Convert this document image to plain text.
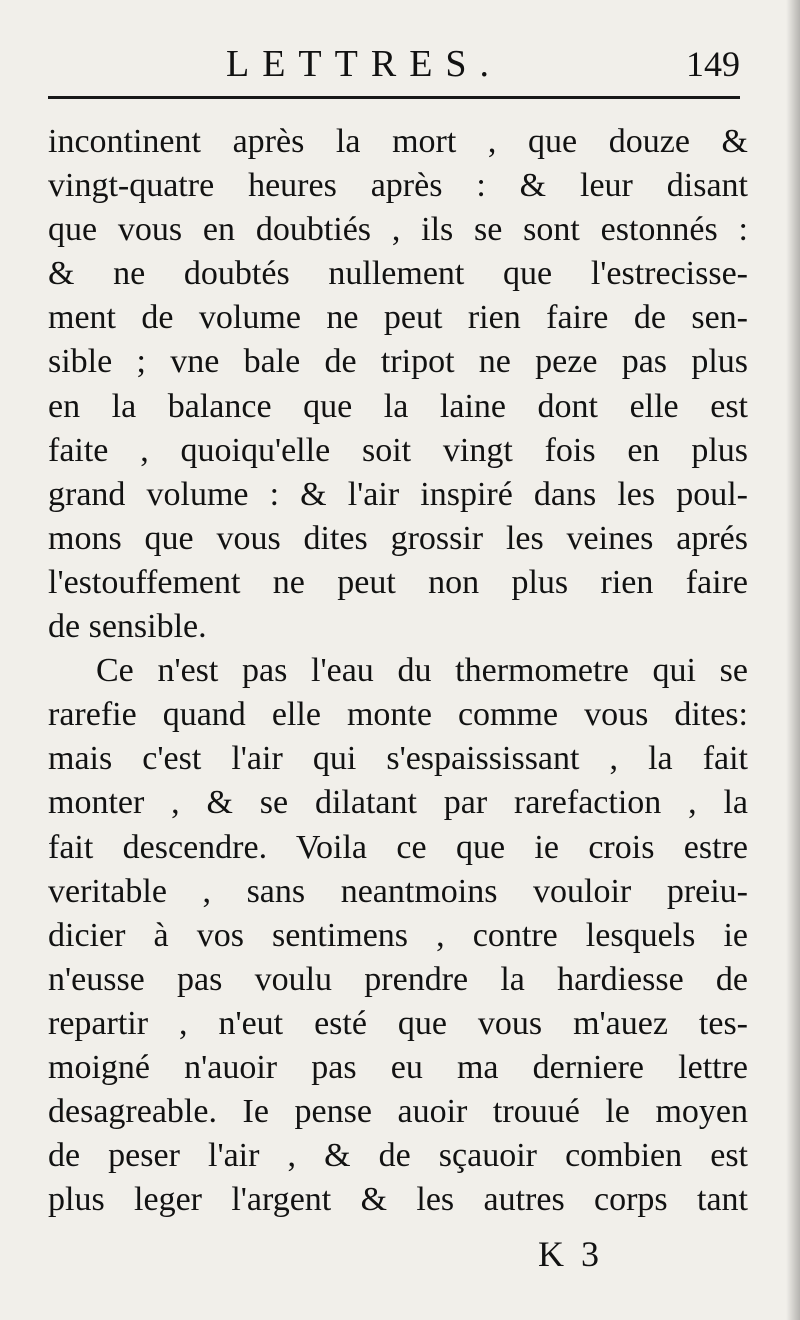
LETTRES.	149
incontinent après la mort , que douze &
vingt-quatre heures après : & leur disant
que vous en doubtiés , ils se sont estonnés :
& ne doubtés nullement que l'estrecisse-
ment de volume ne peut rien faire de sen-
sible ; vne bale de tripot ne peze pas plus
en la balance que la laine dont elle est
faite , quoiqu'elle soit vingt fois en plus
grand volume : & l'air inspiré dans les poul-
mons que vous dites grossir les veines aprés
l'estouffement ne peut non plus rien faire
de sensible.
Ce n'est pas l'eau du thermometre qui se
rarefie quand elle monte comme vous dites:
mais c'est l'air qui s'espaississant , la fait
monter , & se dilatant par rarefaction , la
fait descendre. Voila ce que ie crois estre
veritable , sans neantmoins vouloir preiu-
dicier à vos sentimens , contre lesquels ie
n'eusse pas voulu prendre la hardiesse de
repartir , n'eut esté que vous m'auez tes-
moigné n'auoir pas eu ma derniere lettre
desagreable. Ie pense auoir trouué le moyen
de peser l'air , & de sçauoir combien est
plus leger l'argent & les autres corps tant
K 3
